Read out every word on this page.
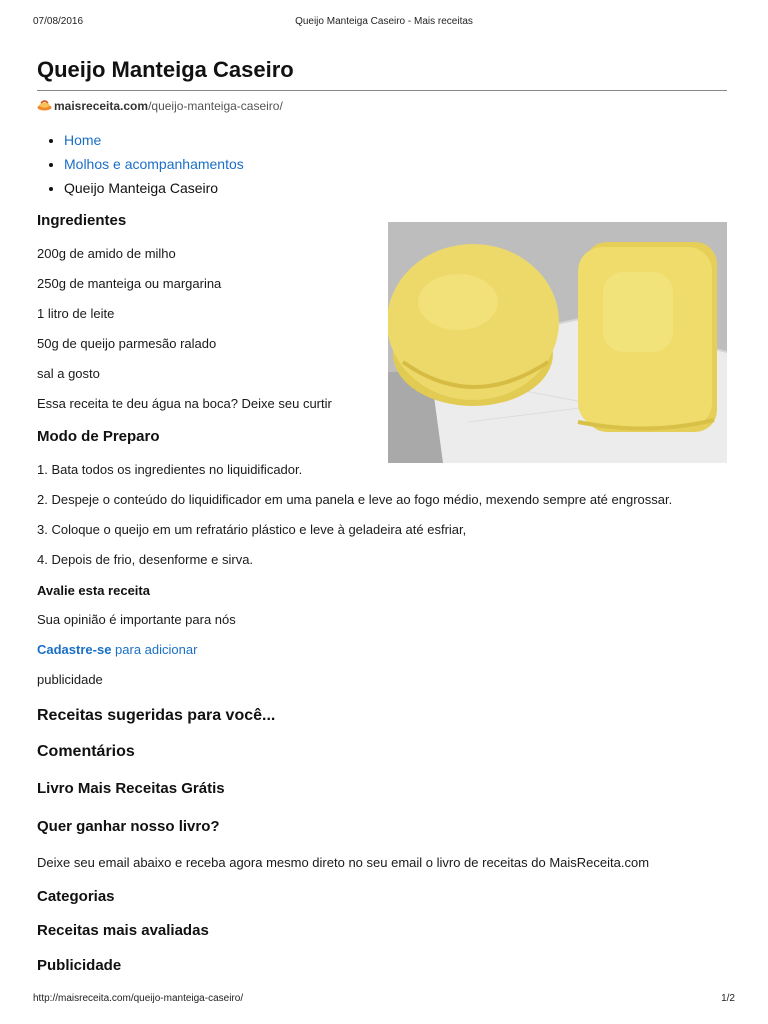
07/08/2016	Queijo Manteiga Caseiro - Mais receitas
Queijo Manteiga Caseiro
maisreceita.com/queijo-manteiga-caseiro/
• Home
• Molhos e acompanhamentos
• Queijo Manteiga Caseiro
Ingredientes

200g de amido de milho

250g de manteiga ou margarina

1 litro de leite

50g de queijo parmesão ralado

sal a gosto

Essa receita te deu água na boca? Deixe seu curtir

Modo de Preparo

1. Bata todos os ingredientes no liquidificador.

2. Despeje o conteúdo do liquidificador em uma panela e leve ao fogo médio, mexendo sempre até engrossar.

3. Coloque o queijo em um refratário plástico e leve à geladeira até esfriar,

4. Depois de frio, desenforme e sirva.

Avalie esta receita

Sua opinião é importante para nós

Cadastre-se para adicionar

publicidade

Receitas sugeridas para você...
Comentários
Livro Mais Receitas Grátis
Quer ganhar nosso livro?

Deixe seu email abaixo e receba agora mesmo direto no seu email o livro de receitas do MaisReceita.com

Categorias
Receitas mais avaliadas
Publicidade
http://maisreceita.com/queijo-manteiga-caseiro/	1/2
